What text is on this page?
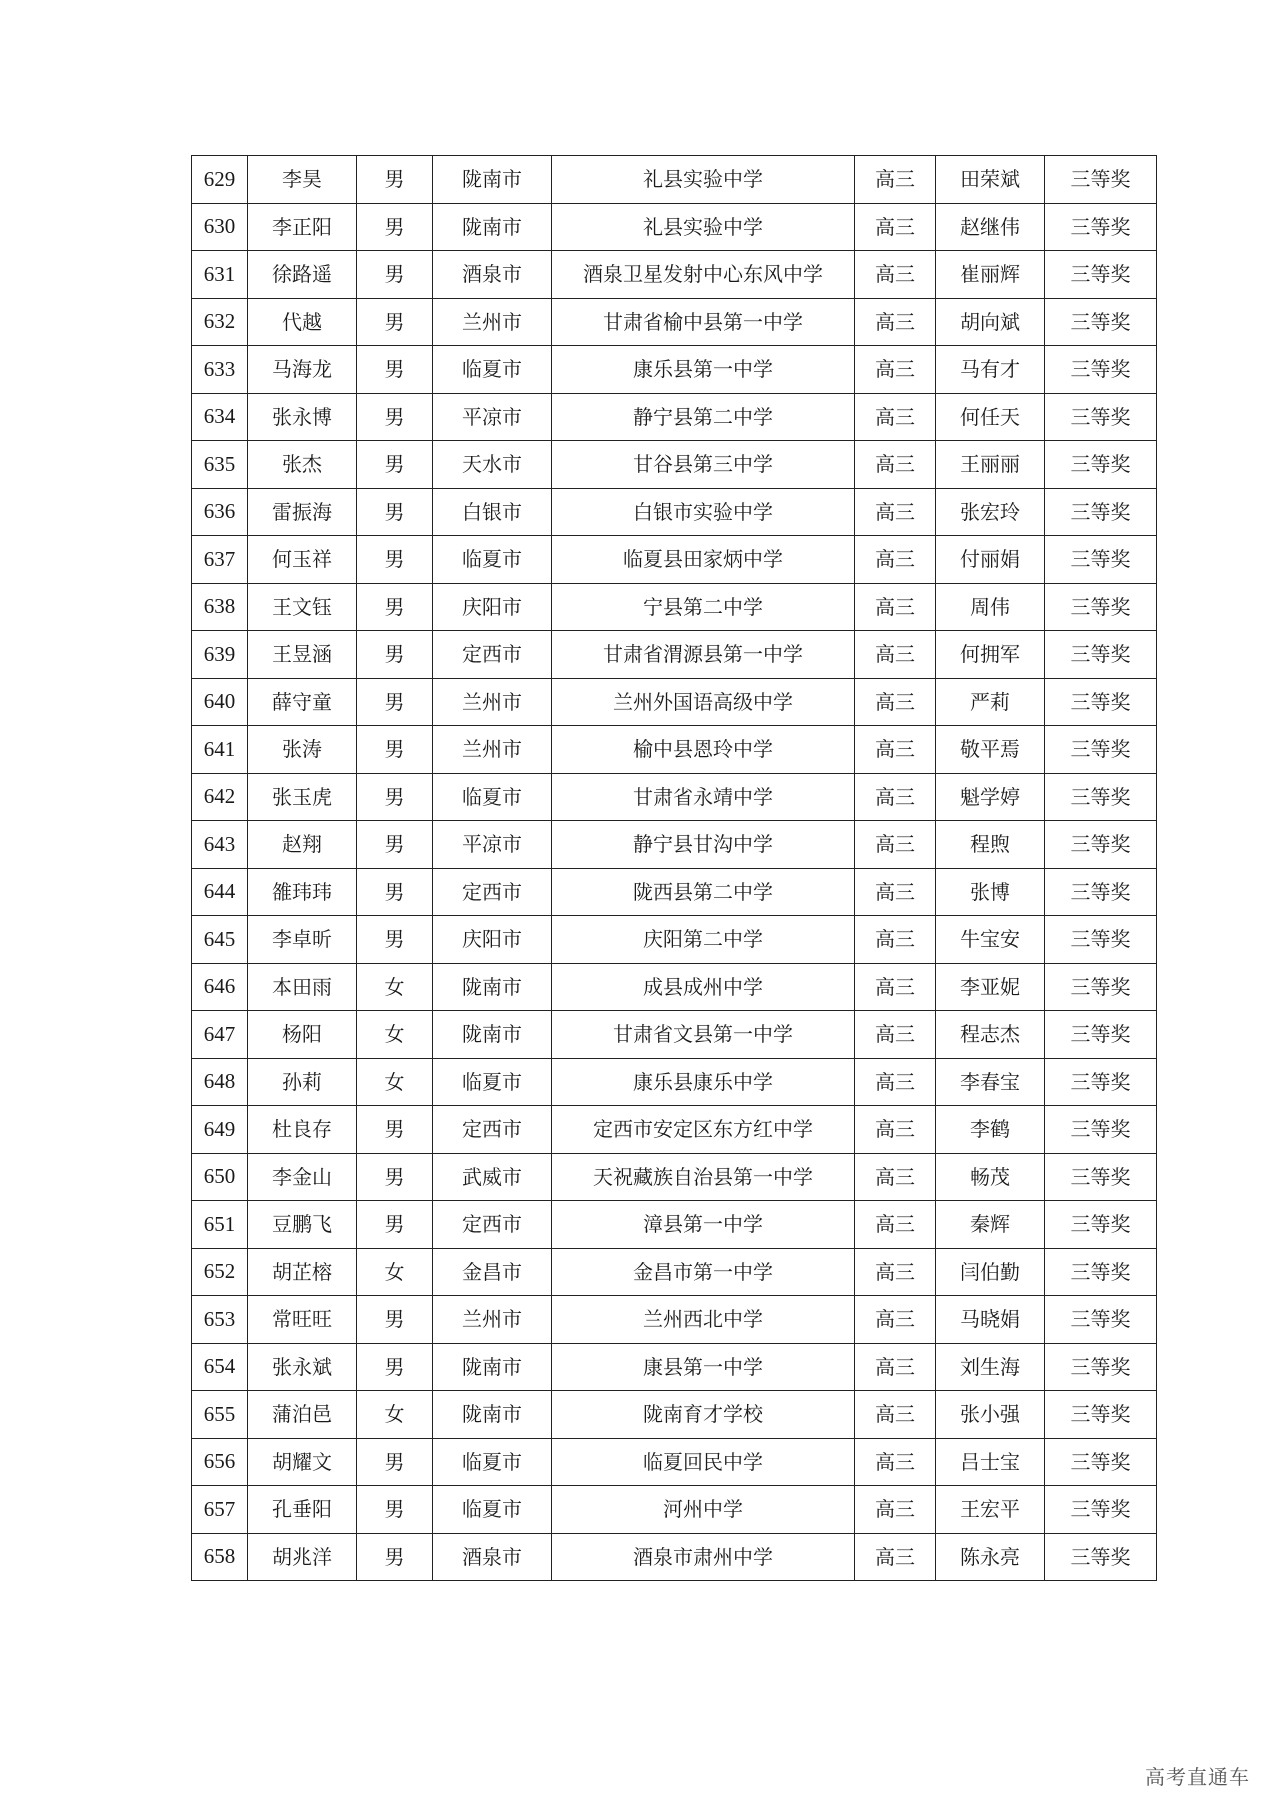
629	李昊	男	陇南市	礼县实验中学	高三	田荣斌	三等奖
630	李正阳	男	陇南市	礼县实验中学	高三	赵继伟	三等奖
631	徐路遥	男	酒泉市	酒泉卫星发射中心东风中学	高三	崔丽辉	三等奖
632	代越	男	兰州市	甘肃省榆中县第一中学	高三	胡向斌	三等奖
633	马海龙	男	临夏市	康乐县第一中学	高三	马有才	三等奖
634	张永博	男	平凉市	静宁县第二中学	高三	何任天	三等奖
635	张杰	男	天水市	甘谷县第三中学	高三	王丽丽	三等奖
636	雷振海	男	白银市	白银市实验中学	高三	张宏玲	三等奖
637	何玉祥	男	临夏市	临夏县田家炳中学	高三	付丽娟	三等奖
638	王文钰	男	庆阳市	宁县第二中学	高三	周伟	三等奖
639	王昱涵	男	定西市	甘肃省渭源县第一中学	高三	何拥军	三等奖
640	薛守童	男	兰州市	兰州外国语高级中学	高三	严莉	三等奖
641	张涛	男	兰州市	榆中县恩玲中学	高三	敬平焉	三等奖
642	张玉虎	男	临夏市	甘肃省永靖中学	高三	魁学婷	三等奖
643	赵翔	男	平凉市	静宁县甘沟中学	高三	程煦	三等奖
644	雒玮玮	男	定西市	陇西县第二中学	高三	张博	三等奖
645	李卓昕	男	庆阳市	庆阳第二中学	高三	牛宝安	三等奖
646	本田雨	女	陇南市	成县成州中学	高三	李亚妮	三等奖
647	杨阳	女	陇南市	甘肃省文县第一中学	高三	程志杰	三等奖
648	孙莉	女	临夏市	康乐县康乐中学	高三	李春宝	三等奖
649	杜良存	男	定西市	定西市安定区东方红中学	高三	李鹤	三等奖
650	李金山	男	武威市	天祝藏族自治县第一中学	高三	畅茂	三等奖
651	豆鹏飞	男	定西市	漳县第一中学	高三	秦辉	三等奖
652	胡芷榕	女	金昌市	金昌市第一中学	高三	闫伯勤	三等奖
653	常旺旺	男	兰州市	兰州西北中学	高三	马晓娟	三等奖
654	张永斌	男	陇南市	康县第一中学	高三	刘生海	三等奖
655	蒲泊邑	女	陇南市	陇南育才学校	高三	张小强	三等奖
656	胡耀文	男	临夏市	临夏回民中学	高三	吕士宝	三等奖
657	孔垂阳	男	临夏市	河州中学	高三	王宏平	三等奖
658	胡兆洋	男	酒泉市	酒泉市肃州中学	高三	陈永亮	三等奖
高考直通车
